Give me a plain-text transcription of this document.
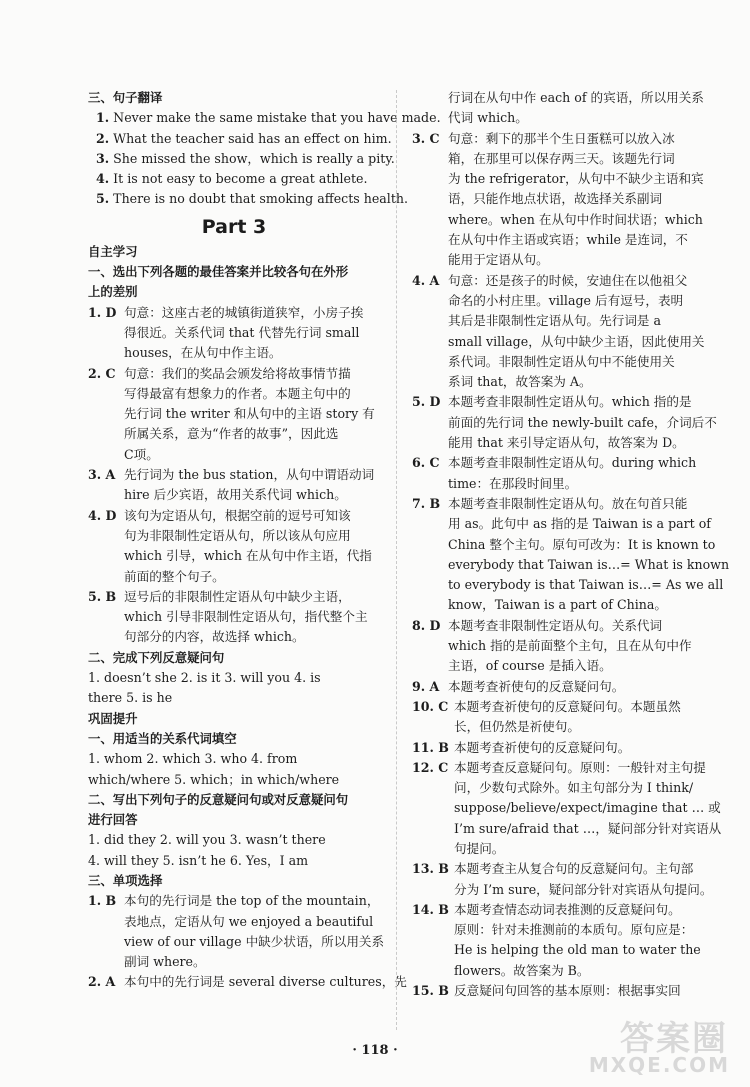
三、句子翻译
1. Never make the same mistake that you have made.
2. What the teacher said has an effect on him.
3. She missed the show，which is really a pity.
4. It is not easy to become a great athlete.
5. There is no doubt that smoking affects health.
Part 3
自主学习
一、选出下列各题的最佳答案并比较各句在外形
上的差别
1. D 句意：这座古老的城镇街道狭窄，小房子挨
得很近。关系代词 that 代替先行词 small
houses，在从句中作主语。
2. C 句意：我们的奖品会颁发给将故事情节描
写得最富有想象力的作者。本题主句中的
先行词 the writer 和从句中的主语 story 有
所属关系，意为“作者的故事”，因此选
C项。
3. A 先行词为 the bus station，从句中谓语动词
hire 后少宾语，故用关系代词 which。
4. D 该句为定语从句，根据空前的逗号可知该
句为非限制性定语从句，所以该从句应用
which 引导，which 在从句中作主语，代指
前面的整个句子。
5. B 逗号后的非限制性定语从句中缺少主语，
which 引导非限制性定语从句，指代整个主
句部分的内容，故选择 which。
二、完成下列反意疑问句
1. doesn’t she 2. is it 3. will you 4. is
there 5. is he
巩固提升
一、用适当的关系代词填空
1. whom 2. which 3. who 4. from
which/where 5. which；in which/where
二、写出下列句子的反意疑问句或对反意疑问句
进行回答
1. did they 2. will you 3. wasn’t there
4. will they 5. isn’t he 6. Yes，I am
三、单项选择
1. B 本句的先行词是 the top of the mountain，
表地点，定语从句 we enjoyed a beautiful
view of our village 中缺少状语，所以用关系
副词 where。
2. A 本句中的先行词是 several diverse cultures，先
行词在从句中作 each of 的宾语，所以用关系
代词 which。
3. C 句意：剩下的那半个生日蛋糕可以放入冰
箱，在那里可以保存两三天。该题先行词
为 the refrigerator，从句中不缺少主语和宾
语，只能作地点状语，故选择关系副词
where。when 在从句中作时间状语；which
在从句中作主语或宾语；while 是连词，不
能用于定语从句。
4. A 句意：还是孩子的时候，安迪住在以他祖父
命名的小村庄里。village 后有逗号，表明
其后是非限制性定语从句。先行词是 a
small village，从句中缺少主语，因此使用关
系代词。非限制性定语从句中不能使用关
系词 that，故答案为 A。
5. D 本题考查非限制性定语从句。which 指的是
前面的先行词 the newly-built cafe，介词后不
能用 that 来引导定语从句，故答案为 D。
6. C 本题考查非限制性定语从句。during which
time：在那段时间里。
7. B 本题考查非限制性定语从句。放在句首只能
用 as。此句中 as 指的是 Taiwan is a part of
China 整个主句。原句可改为：It is known to
everybody that Taiwan is…= What is known
to everybody is that Taiwan is…= As we all
know，Taiwan is a part of China。
8. D 本题考查非限制性定语从句。关系代词
which 指的是前面整个主句，且在从句中作
主语，of course 是插入语。
9. A 本题考查祈使句的反意疑问句。
10. C 本题考查祈使句的反意疑问句。本题虽然
长，但仍然是祈使句。
11. B 本题考查祈使句的反意疑问句。
12. C 本题考查反意疑问句。原则：一般针对主句提
问，少数句式除外。如主句部分为 I think/
suppose/believe/expect/imagine that … 或
I’m sure/afraid that …，疑问部分针对宾语从
句提问。
13. B 本题考查主从复合句的反意疑问句。主句部
分为 I’m sure，疑问部分针对宾语从句提问。
14. B 本题考查情态动词表推测的反意疑问句。
原则：针对未推测前的本质句。原句应是：
He is helping the old man to water the
flowers。故答案为 B。
15. B 反意疑问句回答的基本原则：根据事实回
· 118 ·	答案圈
MXQE.COM
